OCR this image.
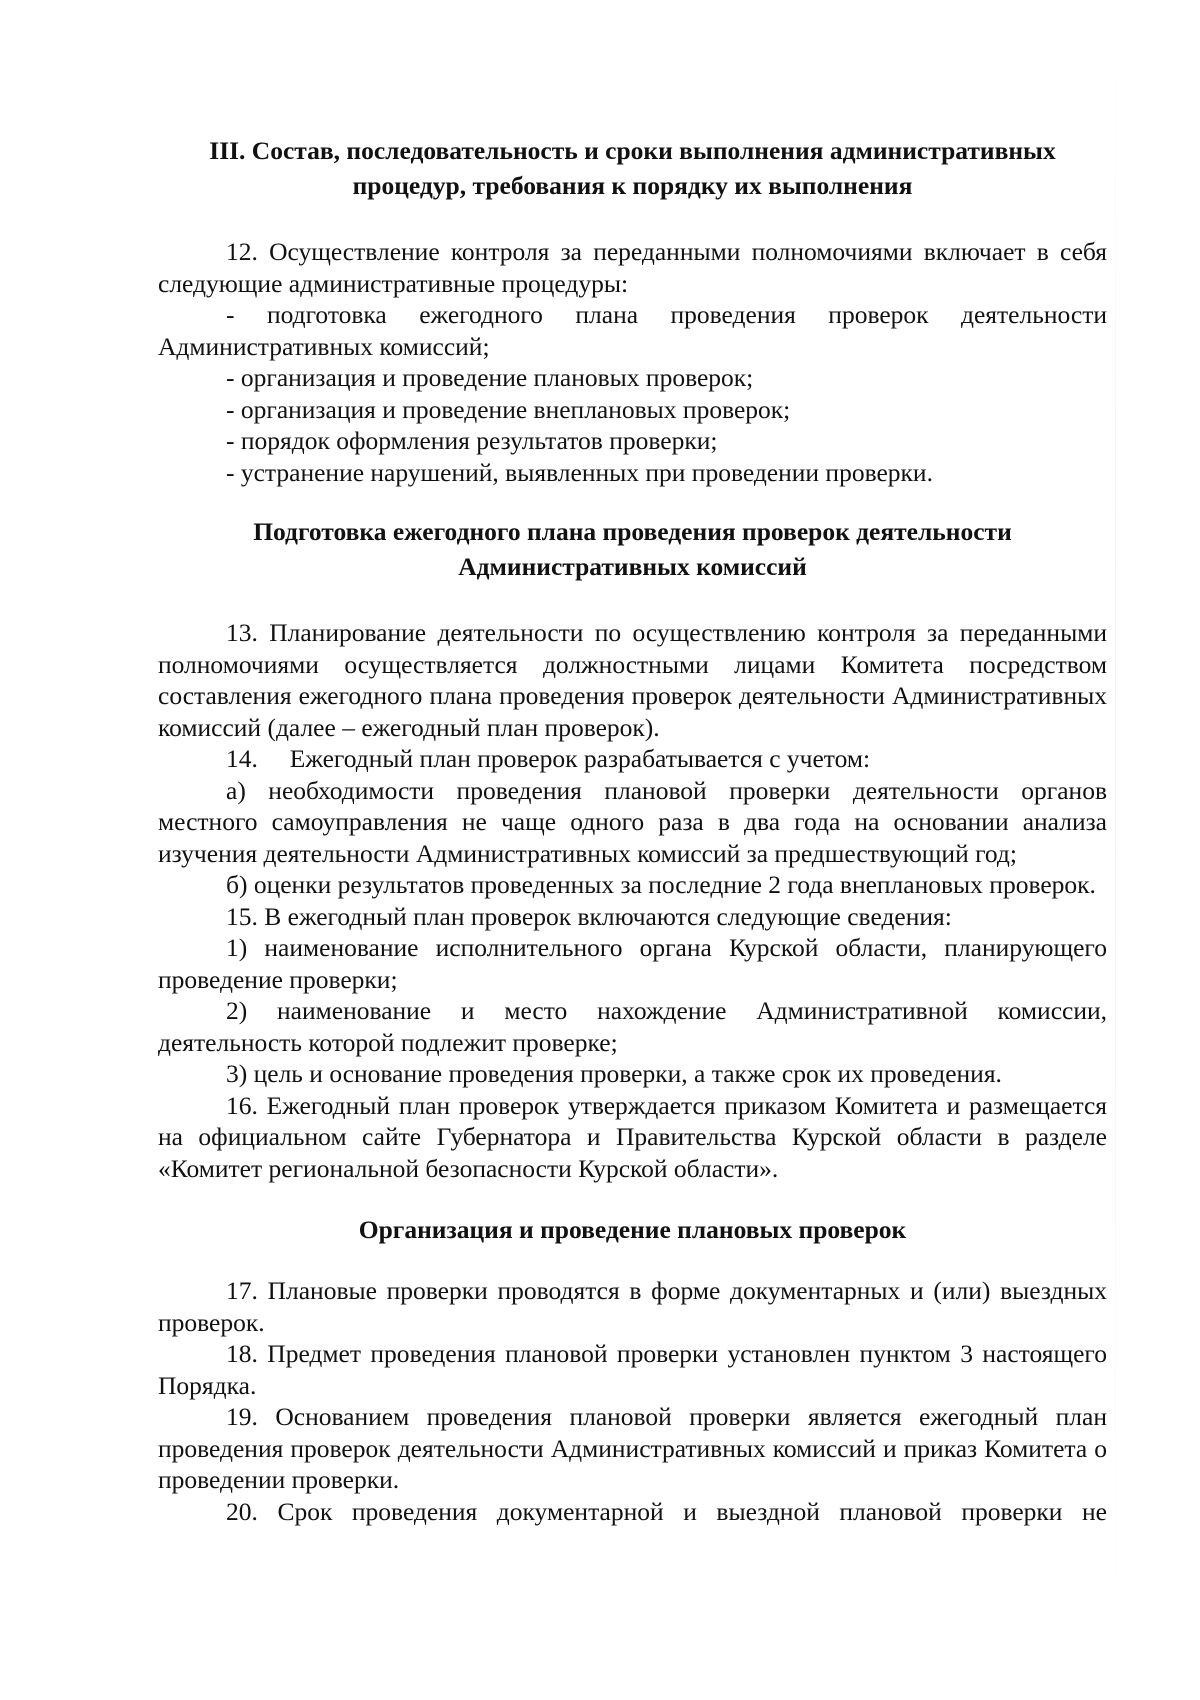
III. Состав, последовательность и сроки выполнения административных
процедур, требования к порядку их выполнения

12. Осуществление контроля за переданными полномочиями включает в себя следующие административные процедуры:

- подготовка ежегодного плана проведения проверок деятельности Административных комиссий;

- организация и проведение плановых проверок;

- организация и проведение внеплановых проверок;

- порядок оформления результатов проверки;

- устранение нарушений, выявленных при проведении проверки.

Подготовка ежегодного плана проведения проверок деятельности
Административных комиссий

13. Планирование деятельности по осуществлению контроля за переданными полномочиями осуществляется должностными лицами Комитета посредством составления ежегодного плана проведения проверок деятельности Административных комиссий (далее – ежегодный план проверок).

14.  Ежегодный план проверок разрабатывается с учетом:

а) необходимости проведения плановой проверки деятельности органов местного самоуправления не чаще одного раза в два года на основании анализа изучения деятельности Административных комиссий за предшествующий год;

б) оценки результатов проведенных за последние 2 года внеплановых проверок.

15. В ежегодный план проверок включаются следующие сведения:

1) наименование исполнительного органа Курской области, планирующего проведение проверки;

2) наименование и место нахождение Административной комиссии, деятельность которой подлежит проверке;

3) цель и основание проведения проверки, а также срок их проведения.

16. Ежегодный план проверок утверждается приказом Комитета и размещается на официальном сайте Губернатора и Правительства Курской области в разделе «Комитет региональной безопасности Курской области».

Организация и проведение плановых проверок

17. Плановые проверки проводятся в форме документарных и (или) выездных проверок.

18. Предмет проведения плановой проверки установлен пунктом 3 настоящего Порядка.

19. Основанием проведения плановой проверки является ежегодный план проведения проверок деятельности Административных комиссий и приказ Комитета о проведении проверки.

20. Срок проведения документарной и выездной плановой проверки не
